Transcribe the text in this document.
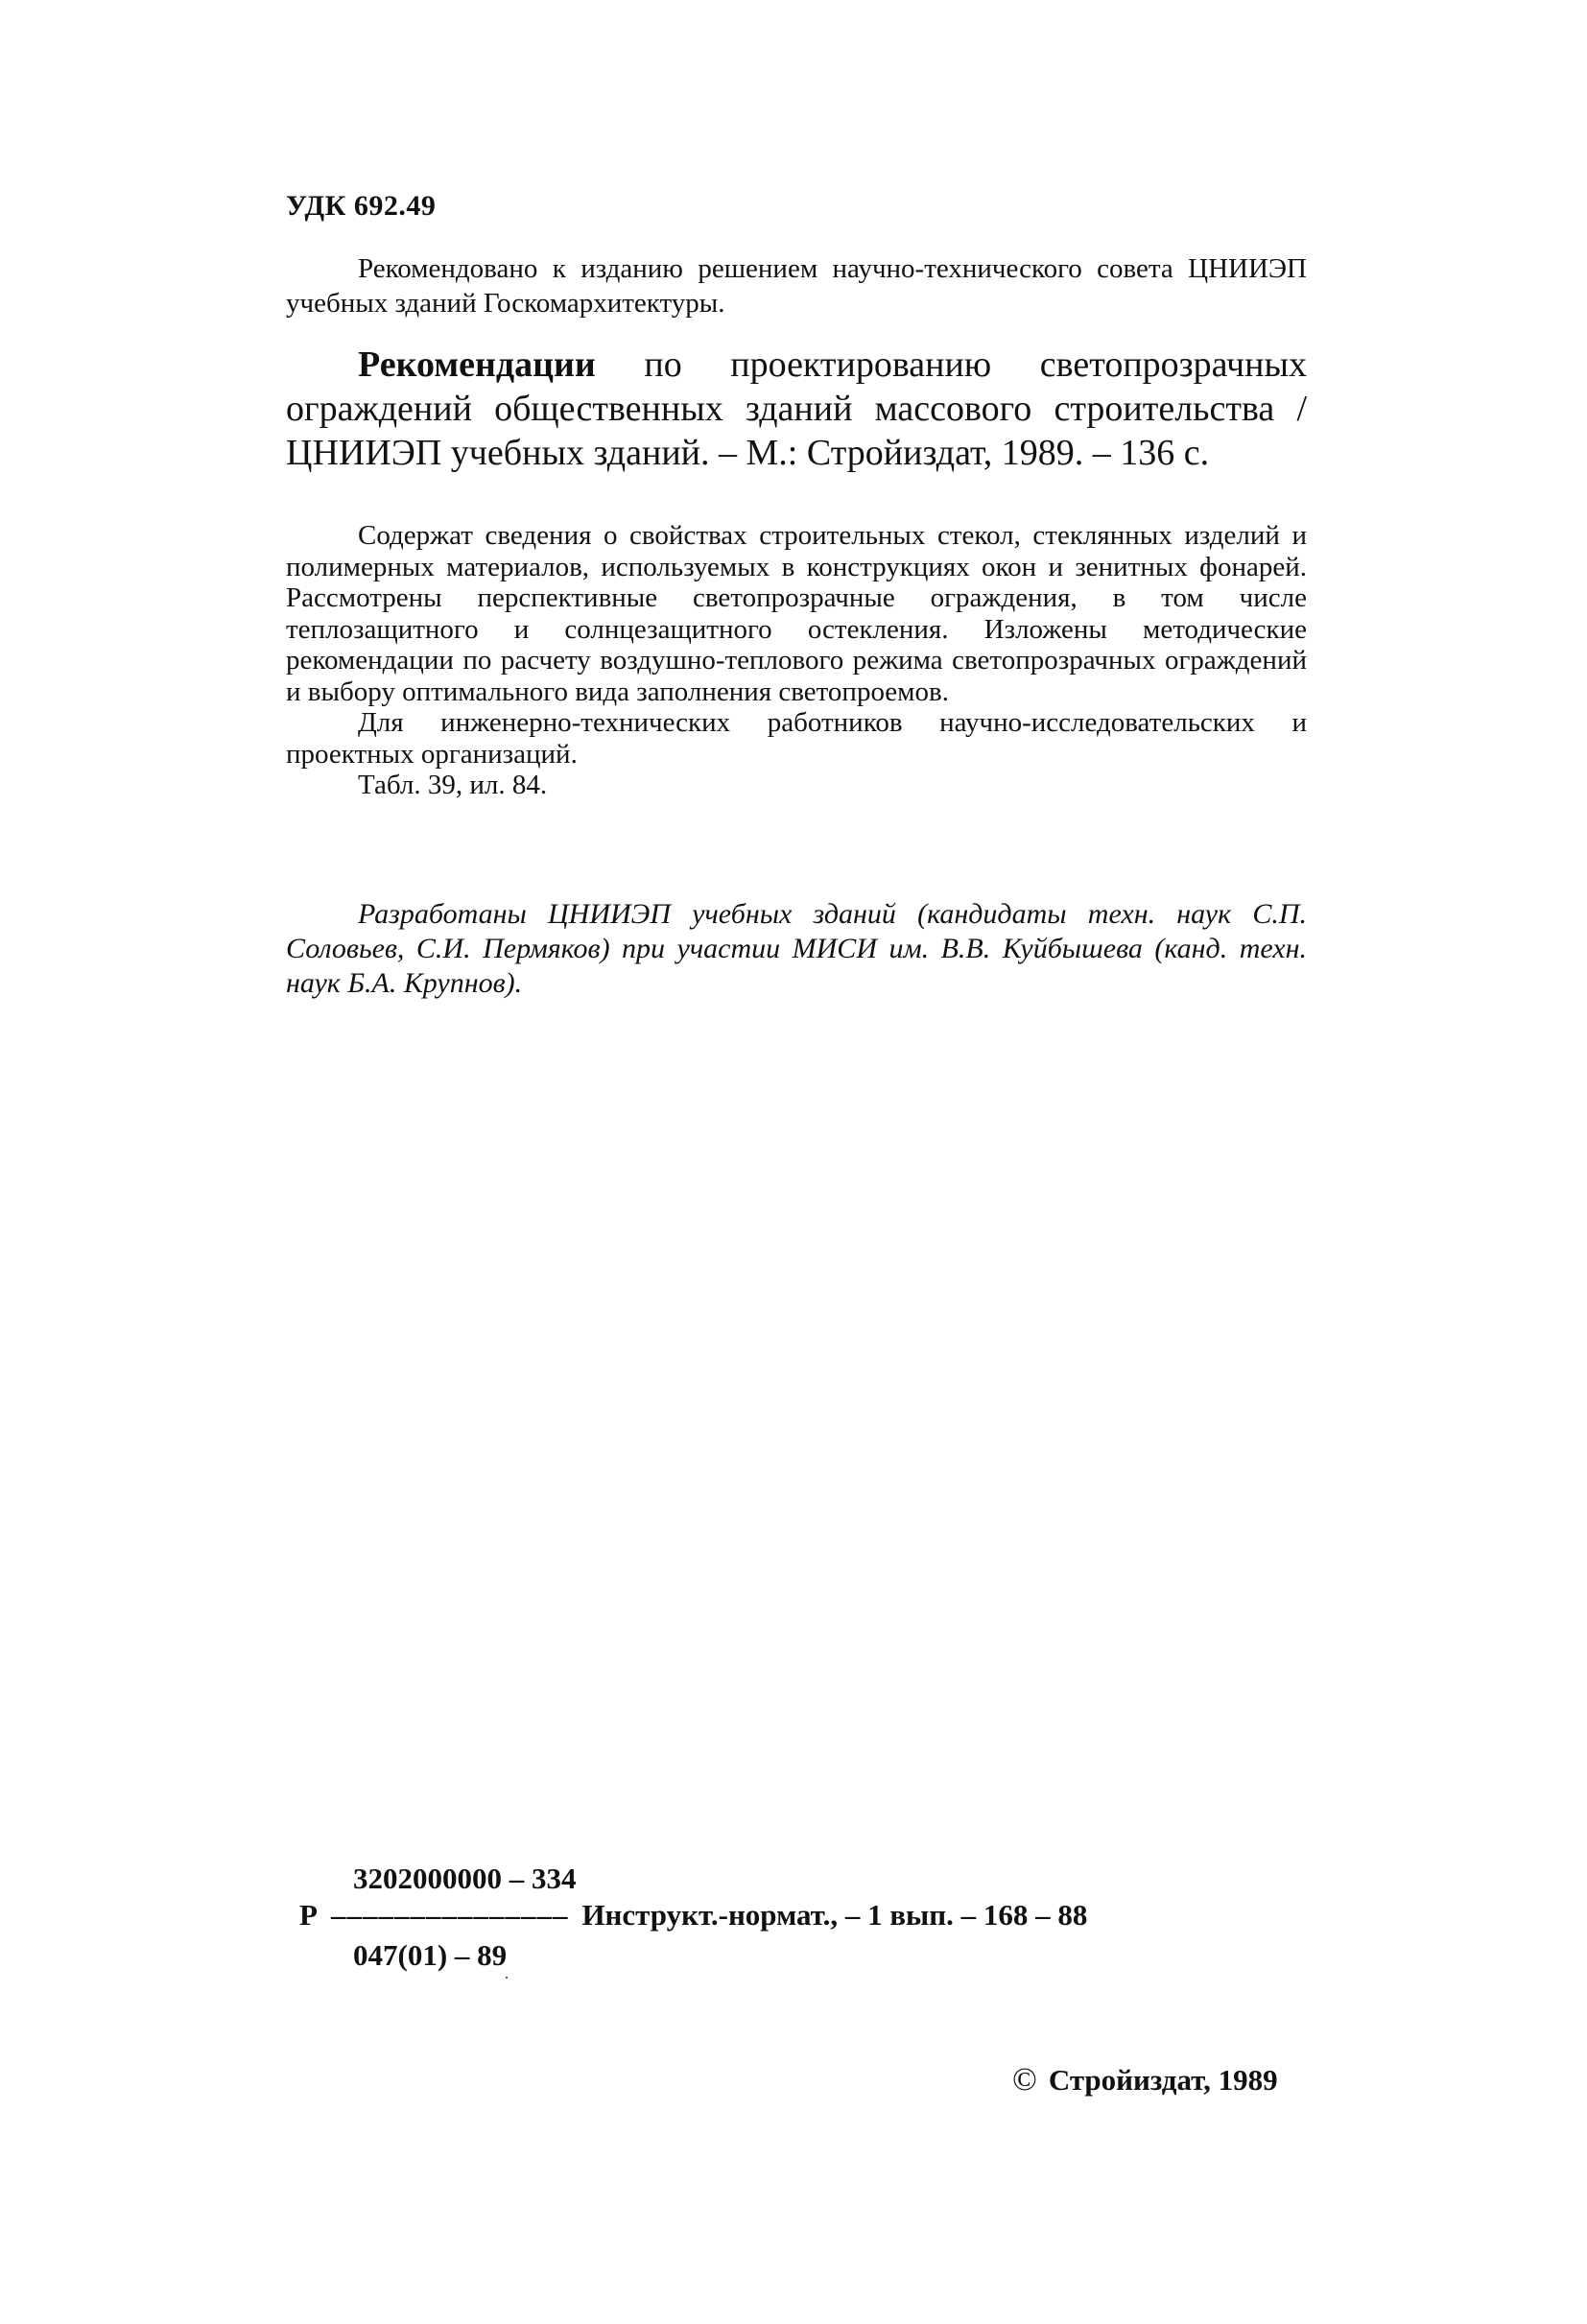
УДК 692.49
Рекомендовано к изданию решением научно-технического совета ЦНИИЭП учебных зданий Госкомархитектуры.
Рекомендации по проектированию светопрозрачных ограждений общественных зданий массового строительства / ЦНИИЭП учебных зданий. – М.: Стройиздат, 1989. – 136 с.

Содержат сведения о свойствах строительных стекол, стеклянных изделий и полимерных материалов, используемых в конструкциях окон и зенитных фонарей. Рассмотрены перспективные светопрозрачные ограждения, в том числе теплозащитного и солнцезащитного остекления. Изложены методические рекомендации по расчету воздушно-теплового режима светопрозрачных ограждений и выбору оптимального вида заполнения светопроемов.

Для инженерно-технических работников научно-исследовательских и проектных организаций.

Табл. 39, ил. 84.

Разработаны ЦНИИЭП учебных зданий (кандидаты техн. наук С.П. Соловьев, С.И. Пермяков) при участии МИСИ им. В.В. Куйбышева (канд. техн. наук Б.А. Крупнов).
3202000000 – 334
Р ––––––––––––––– Инструкт.-нормат., – 1 вып. – 168 – 88
047(01) – 89
© Стройиздат, 1989
